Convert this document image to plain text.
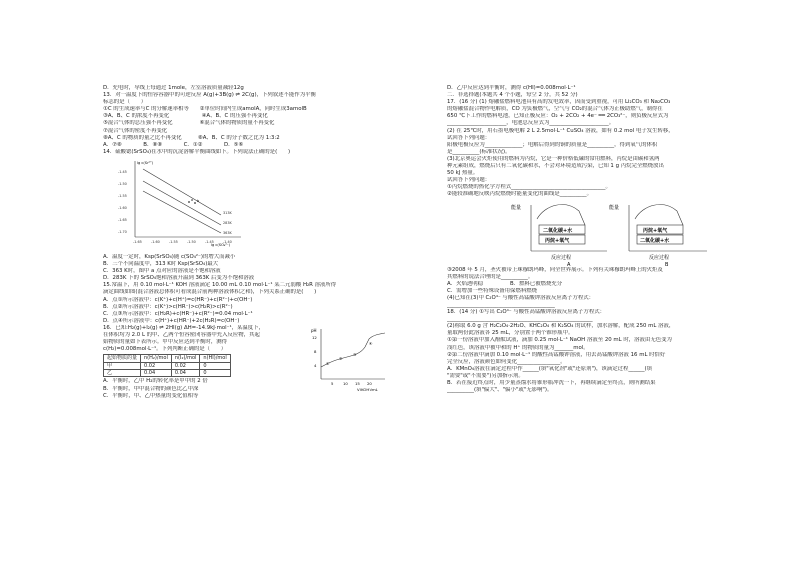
D．充电时，导线上每通过 1mole，左室溶液质量减轻12g
13．对一温度下的恒容容器中的可逆反应 A(g)+3B(g) ⇌ 2C(g)，下列叙述不能作为平衡
标志的是（　　）
①C 的生成速率与C 的分解速率相等　　②单位时间内生成amolA，同时生成3amolB
③A、B、C 的浓度不再变化　　　　　　④A、B、C 的压强不再变化
⑤混合气体的总压强不再变化　　　　　⑥混合气体的物质的量不再变化
⑦混合气体的密度不再变化
⑧A、C 的物质的量之比不再变化　　　⑧A、B、C 的分子数之比为 1:3:2
A．⑦⑧　　　　B．⑧⑧　　　　C．①②　　　　D．⑤⑥
14．硫酸锶(SrSO₄)在水中的沉淀溶解平衡曲线如下。下列说法正确的是(　　)
lg c(Sr²⁺)
lg c(SO₄²⁻)
-1.45
-1.50
-1.55
-1.60
-1.65
-1.70
-1.65	-1.60	-1.55	-1.50	-1.45	-1.40
313K
283K
363K
a b
A．温度一定时，Ksp(SrSO₄)随 c(SO₄²⁻)的增大而减小
B．三个不同温度中，313 K时 Ksp(SrSO₄)最大
C．363 K时，图中 a 点对应的溶液是不饱和溶液
D．283K 下的 SrSO₄饱和溶液升温到 363K 后变为不饱和溶液
15.常温下，用 0.10 mol·L⁻¹ KOH 溶液滴定 10.00 mL 0.10 mol·L⁻¹ 某二元弱酸 H₂R 溶液所得
滴定曲线如图(混合溶液总体积可看成混合前两种溶液体积之和)，下列关系正确的是(　　)
A．点①所示溶液中：c(K⁺)+c(H⁺)=c(HR⁻)+c(R²⁻)+c(OH⁻)
B．点②所示溶液中：c(K⁺)>c(HR⁻)>c(H₂R)>c(R²⁻)
C．点③所示溶液中：c(H₂R)+c(HR⁻)+c(R²⁻)=0.04 mol·L⁻¹
D．点④所示溶液中：c(H⁺)+c(HR⁻)+2c(H₂R)=c(OH⁻)
16．已知:H₂(g)+I₂(g) ⇌ 2HI(g) ΔH=-14.9kJ·mol⁻¹，某温度下，
在体积均为 2.0 L 的甲、乙两个恒容密闭容器中充入反应物，其起
始物质的量如下表所示。甲中反应达到平衡时，测得
c(H₂)=0.008mol·L⁻¹。下列判断正确的是（　　）
pH
12
8
4
5	10 15 20
V(KOH)/mL
①
②
③
④
起始物质的量	n(H₂)/mol	n(I₂)/mol	n(HI)/mol
甲	0.02	0.02	0
乙	0.04	0.04	0
A．平衡时，乙中 H₂的转化率是甲中的 2 倍
B．平衡时，甲中混合物的颜色比乙中深
C．平衡时，甲、乙中热量的变化值相等
D．乙中反应达到平衡时，测得 c(HI)=0.008mol·L⁻¹
二．非选择题(本题共 4 个小题，每空 2 分，共 52 分)
17．(16 分) (1) 熔融盐燃料电池具有高的发电效率，因而受到重视，可用 Li₂CO₃ 和 Na₂CO₃
的熔融盐混合物作电解质，CO 为负极燃气，空气与 CO₂的混合气体为正极助燃气，制得在
650 ℃下工作的燃料电池，已知正极反应：O₂ + 2CO₂ + 4e⁻ ══ 2CO₃²⁻，则负极反应式为
______________________，电池总反应式为______________________。
(2) 在 25℃时，用石墨电极电解 2 L 2.5mol·L⁻¹ CuSO₄ 溶液，如有 0.2 mol 电子发生转移，
试回答下列问题：
阳极电极反应为______________；电解后得到的铜的质量是__________，得到氧气的体积
是__________(标准状况)。
(3)北京奥运会火炬使用的燃料为丙烷，它是一种价格低廉的常用燃料，丙烷是由碳和氢两
种元素组成，燃烧后只有二氧化碳和水，不会对环境造成污染，已知 1 g 丙烷完全燃烧放出
50 kJ 热量。
试回答下列问题：
①丙烷燃烧的热化学方程式___________________________________。
②能较准确地反映丙烷燃烧时能量变化的曲线是__________。
能量
二氧化碳+水
丙烷+氧气
反应过程
A
能量
丙烷+氧气
二氧化碳+水
反应过程
B
③2008 年 5 月，圣火被带上珠穆朗玛峰，向全世界展示。下列有关珠穆朗玛峰上的火炬及
其燃料的说法合理的是__________。
A．火焰透明稳　　　　　B．燃料已被燃烧充分
C．需增加一些特殊设备用保燃料燃烧
(4)已知在(3)中 C₂O⁴⁻ 与酸性高锰酸钾溶液反应离子方程式：
________________________________________
18．(14 分) ①写出 C₂O⁴⁻ 与酸性高锰酸钾溶液反应离子方程式：
______________________________________________________
(2)称取 6.0 g 含 H₂C₂O₄·2H₂O、KHC₂O₄ 和 K₂SO₄ 的试样，加水溶解，配成 250 mL 溶液，
量取两份此溶液各 25 mL，分别置于两个锥形瓶中。
①第一份溶液中加入酚酞试液，滴加 0.25 mol·L⁻¹ NaOH 溶液至 20 mL 时，溶液由无色变为
浅红色，该溶液中被中和的 H⁺ 的物质的量为_______mol。
②第二份溶液中滴加 0.10 mol·L⁻¹ 的酸性高锰酸钾溶液，用去高锰酸钾溶液 16 mL 时恰好
完全反应，溶液颜色如何变化________________。
A．KMnO₄溶液在滴定过程中作______(填"氧化剂"或"还原剂")，该滴定过程______(填
"需要"或"不需要")另加指示剂。
B．若在接近终点时，用少量蒸馏水将锥形瓶冲洗一下，再继续滴定至终点，则所测结果
__________(填"偏大"、"偏小"或"无影响")。
